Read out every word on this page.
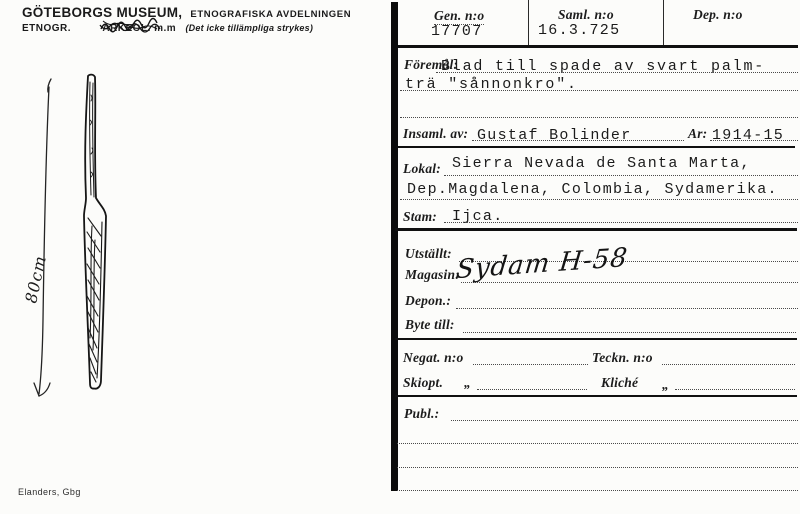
GÖTEBORGS MUSEUM, ETNOGRAFISKA AVDELNINGEN
ETNOGR.	ARKEOL. m.m (Det icke tillämpliga strykes)
80cm
Elanders, Gbg
Gen. n:o
17707
Saml. n:o
16.3.725
Dep. n:o
Föremål:
Blad till spade av svart palm-
trä "sånnonkro".
Insaml. av: Gustaf Bolinder	Ar: 1914-15
Lokal: Sierra Nevada de Santa Marta,
Dep.Magdalena, Colombia, Sydamerika.
Stam: Ijca.
Utställt:
Magasin:
Sydam H-58
Depon.:
Byte till:
Negat. n:o	Teckn. n:o
Skiopt. „	Kliché „
Publ.:
